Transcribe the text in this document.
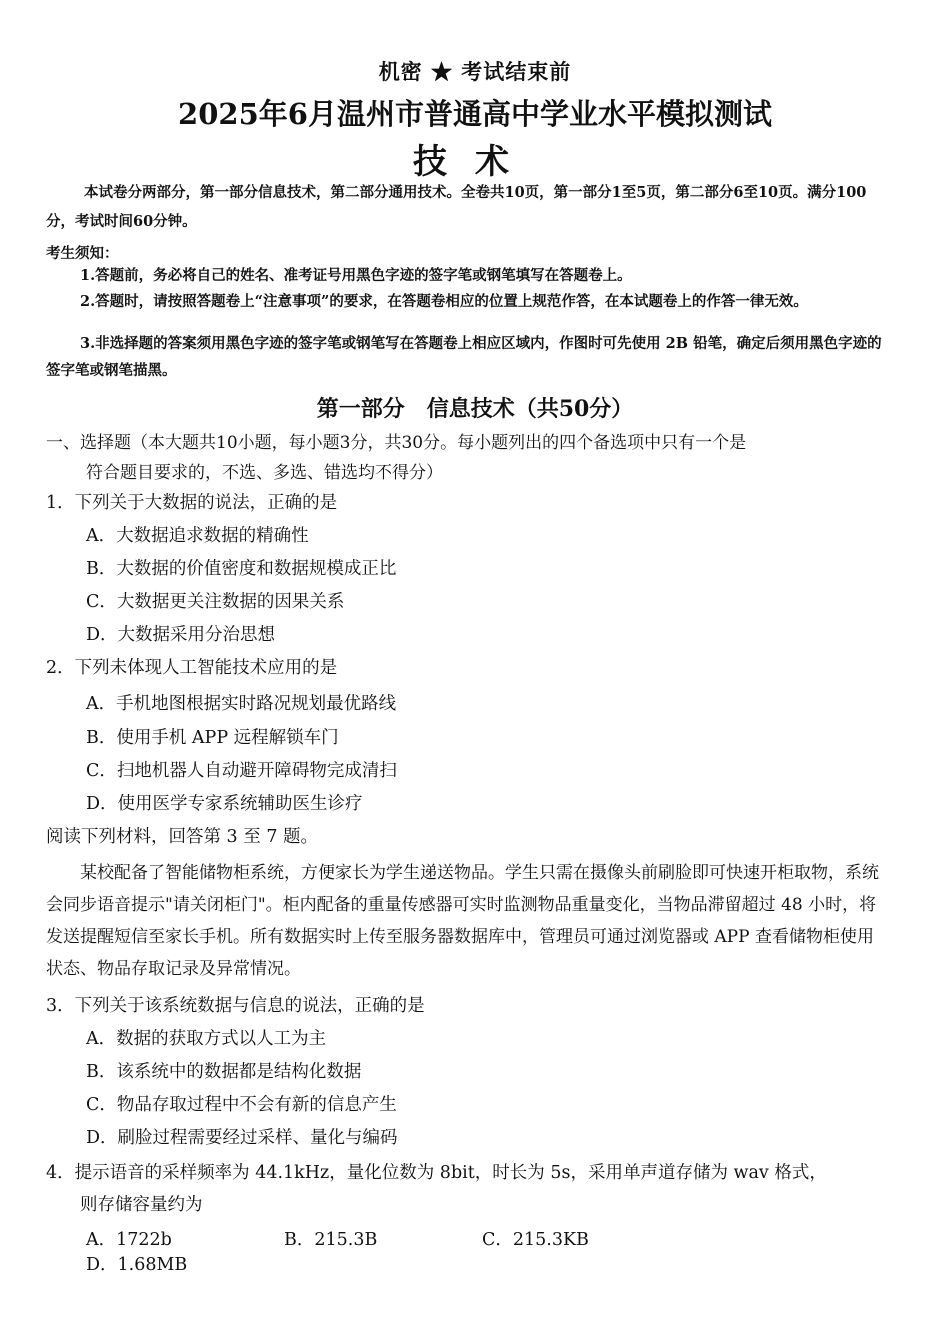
机密 ★ 考试结束前
2025年6月温州市普通高中学业水平模拟测试
技术
本试卷分两部分，第一部分信息技术，第二部分通用技术。全卷共10页，第一部分1至5页，第二部分6至10页。满分100分，考试时间60分钟。
考生须知：
1.答题前，务必将自己的姓名、准考证号用黑色字迹的签字笔或钢笔填写在答题卷上。
2.答题时，请按照答题卷上“注意事项”的要求，在答题卷相应的位置上规范作答，在本试题卷上的作答一律无效。
3.非选择题的答案须用黑色字迹的签字笔或钢笔写在答题卷上相应区域内，作图时可先使用 2B 铅笔，确定后须用黑色字迹的签字笔或钢笔描黑。
第一部分　信息技术（共50分）
一、选择题（本大题共10小题，每小题3分，共30分。每小题列出的四个备选项中只有一个是
符合题目要求的，不选、多选、错选均不得分）
1．下列关于大数据的说法，正确的是
A．大数据追求数据的精确性
B．大数据的价值密度和数据规模成正比
C．大数据更关注数据的因果关系
D．大数据采用分治思想
2．下列未体现人工智能技术应用的是
A．手机地图根据实时路况规划最优路线
B．使用手机 APP 远程解锁车门
C．扫地机器人自动避开障碍物完成清扫
D．使用医学专家系统辅助医生诊疗
阅读下列材料，回答第 3 至 7 题。
某校配备了智能储物柜系统，方便家长为学生递送物品。学生只需在摄像头前刷脸即可快速开柜取物，系统会同步语音提示"请关闭柜门"。柜内配备的重量传感器可实时监测物品重量变化，当物品滞留超过 48 小时，将发送提醒短信至家长手机。所有数据实时上传至服务器数据库中，管理员可通过浏览器或 APP 查看储物柜使用状态、物品存取记录及异常情况。
3．下列关于该系统数据与信息的说法，正确的是
A．数据的获取方式以人工为主
B．该系统中的数据都是结构化数据
C．物品存取过程中不会有新的信息产生
D．刷脸过程需要经过采样、量化与编码
4．提示语音的采样频率为 44.1kHz，量化位数为 8bit，时长为 5s，采用单声道存储为 wav 格式，
则存储容量约为
A．1722b	B．215.3B	C．215.3KBD．1.68MB
